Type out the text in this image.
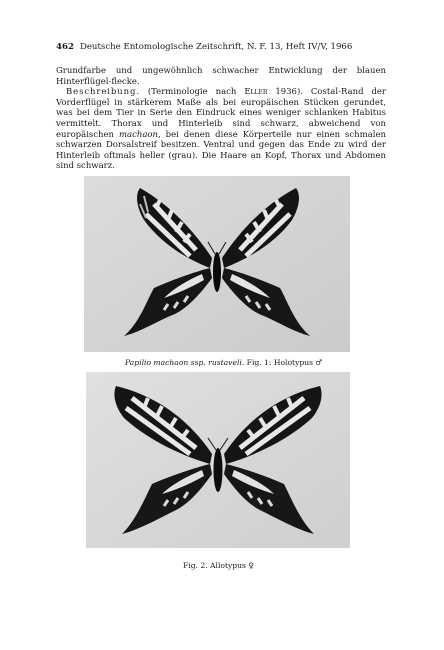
462 Deutsche Entomologische Zeitschrift, N. F. 13, Heft IV/V, 1966

Grundfarbe und ungewöhnlich schwacher Entwicklung der blauen Hinterflügel-flecke.

Beschreibung. (Terminologie nach Eller 1936). Costal-Rand der Vorderflügel in stärkerem Maße als bei europäischen Stücken gerundet, was bei dem Tier in Serie den Eindruck eines weniger schlanken Habitus vermittelt. Thorax und Hinterleib sind schwarz, abweichend von europäischen machaon, bei denen diese Körperteile nur einen schmalen schwarzen Dorsalstreif besitzen. Ventral und gegen das Ende zu wird der Hinterleib oftmals heller (grau). Die Haare an Kopf, Thorax und Abdomen sind schwarz.

Papilio machaon ssp. rustaveli. Fig. 1: Holotypus ♂
Fig. 2. Allotypus ♀
